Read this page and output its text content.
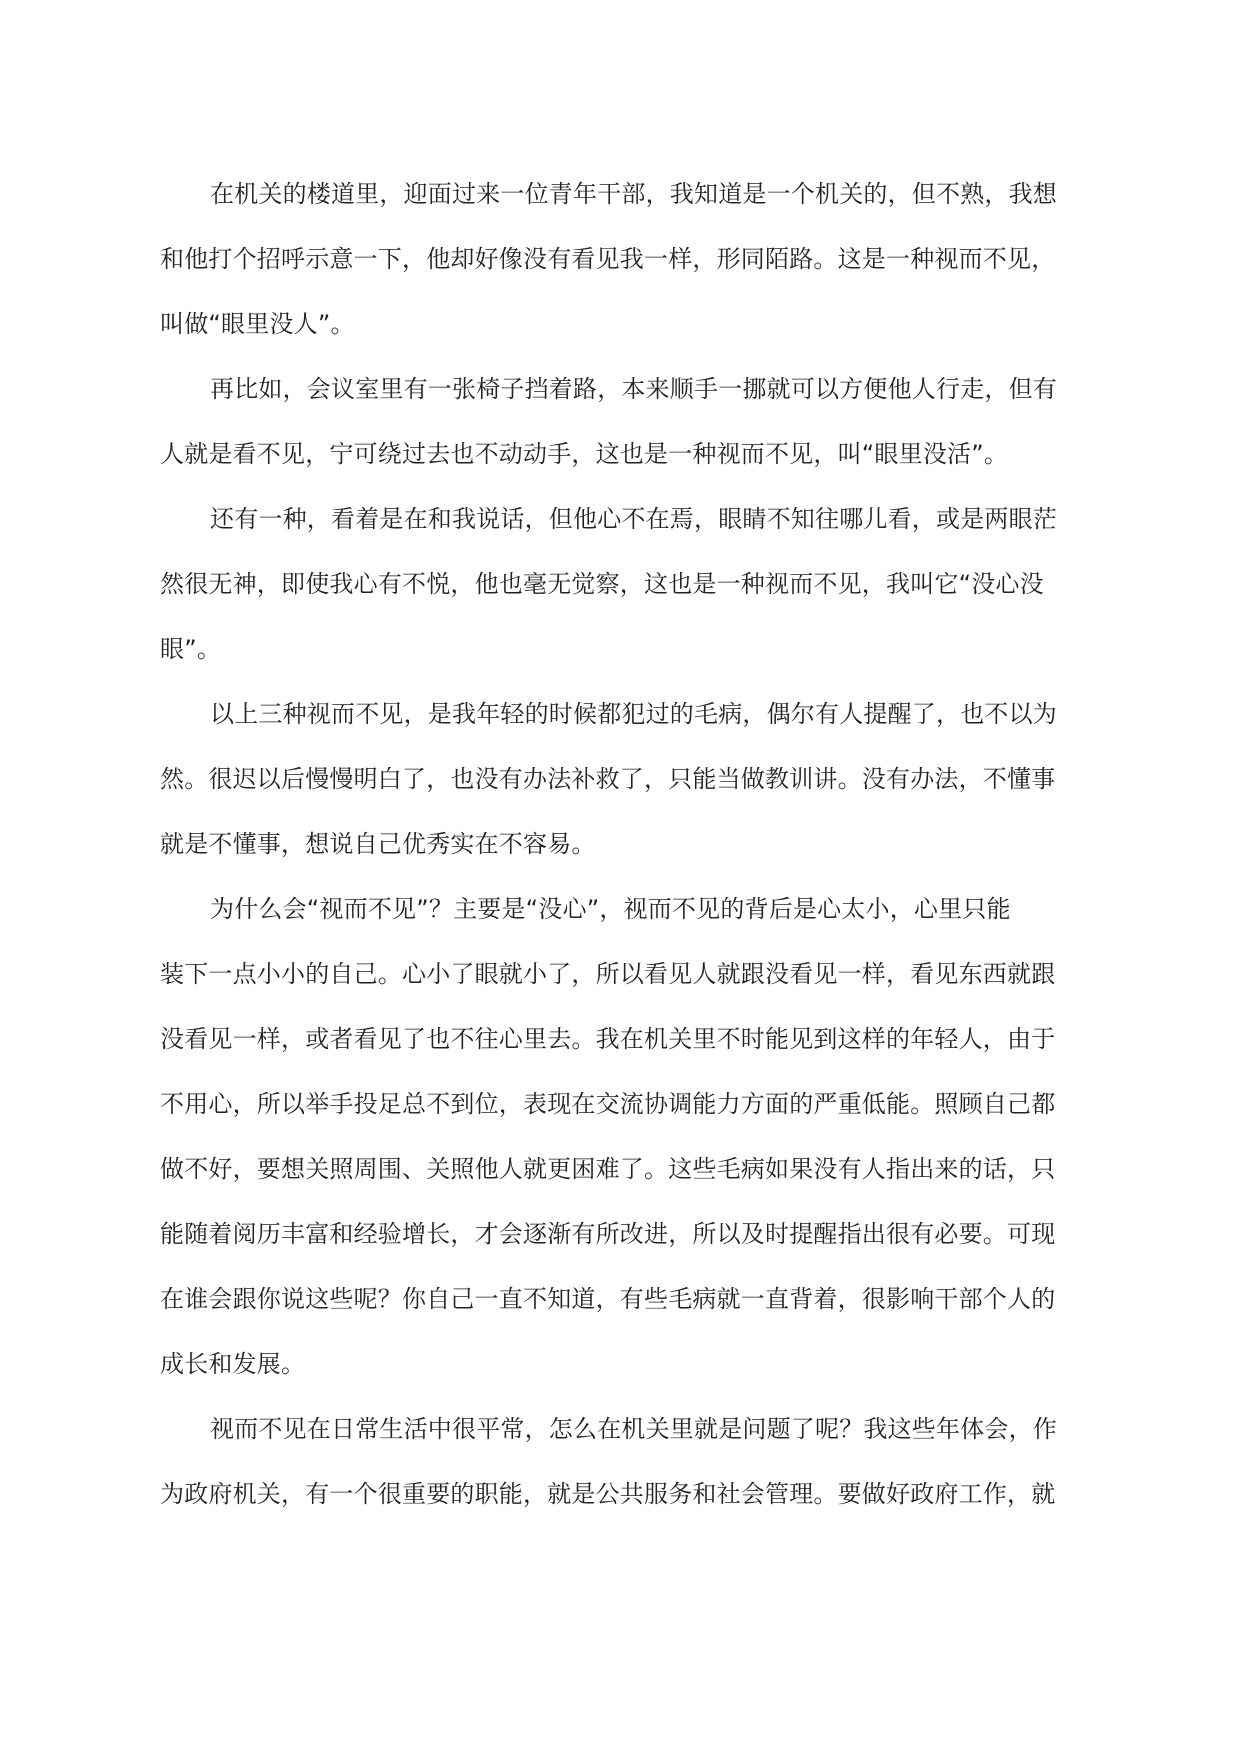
在机关的楼道里，迎面过来一位青年干部，我知道是一个机关的，但不熟，我想
和他打个招呼示意一下，他却好像没有看见我一样，形同陌路。这是一种视而不见，
叫做“眼里没人”。
再比如，会议室里有一张椅子挡着路，本来顺手一挪就可以方便他人行走，但有
人就是看不见，宁可绕过去也不动动手，这也是一种视而不见，叫“眼里没活”。
还有一种，看着是在和我说话，但他心不在焉，眼睛不知往哪儿看，或是两眼茫
然很无神，即使我心有不悦，他也毫无觉察，这也是一种视而不见，我叫它“没心没
眼”。
以上三种视而不见，是我年轻的时候都犯过的毛病，偶尔有人提醒了，也不以为
然。很迟以后慢慢明白了，也没有办法补救了，只能当做教训讲。没有办法，不懂事
就是不懂事，想说自己优秀实在不容易。
为什么会“视而不见”？主要是“没心”，视而不见的背后是心太小，心里只能
装下一点小小的自己。心小了眼就小了，所以看见人就跟没看见一样，看见东西就跟
没看见一样，或者看见了也不往心里去。我在机关里不时能见到这样的年轻人，由于
不用心，所以举手投足总不到位，表现在交流协调能力方面的严重低能。照顾自己都
做不好，要想关照周围、关照他人就更困难了。这些毛病如果没有人指出来的话，只
能随着阅历丰富和经验增长，才会逐渐有所改进，所以及时提醒指出很有必要。可现
在谁会跟你说这些呢？你自己一直不知道，有些毛病就一直背着，很影响干部个人的
成长和发展。
视而不见在日常生活中很平常，怎么在机关里就是问题了呢？我这些年体会，作
为政府机关，有一个很重要的职能，就是公共服务和社会管理。要做好政府工作，就
